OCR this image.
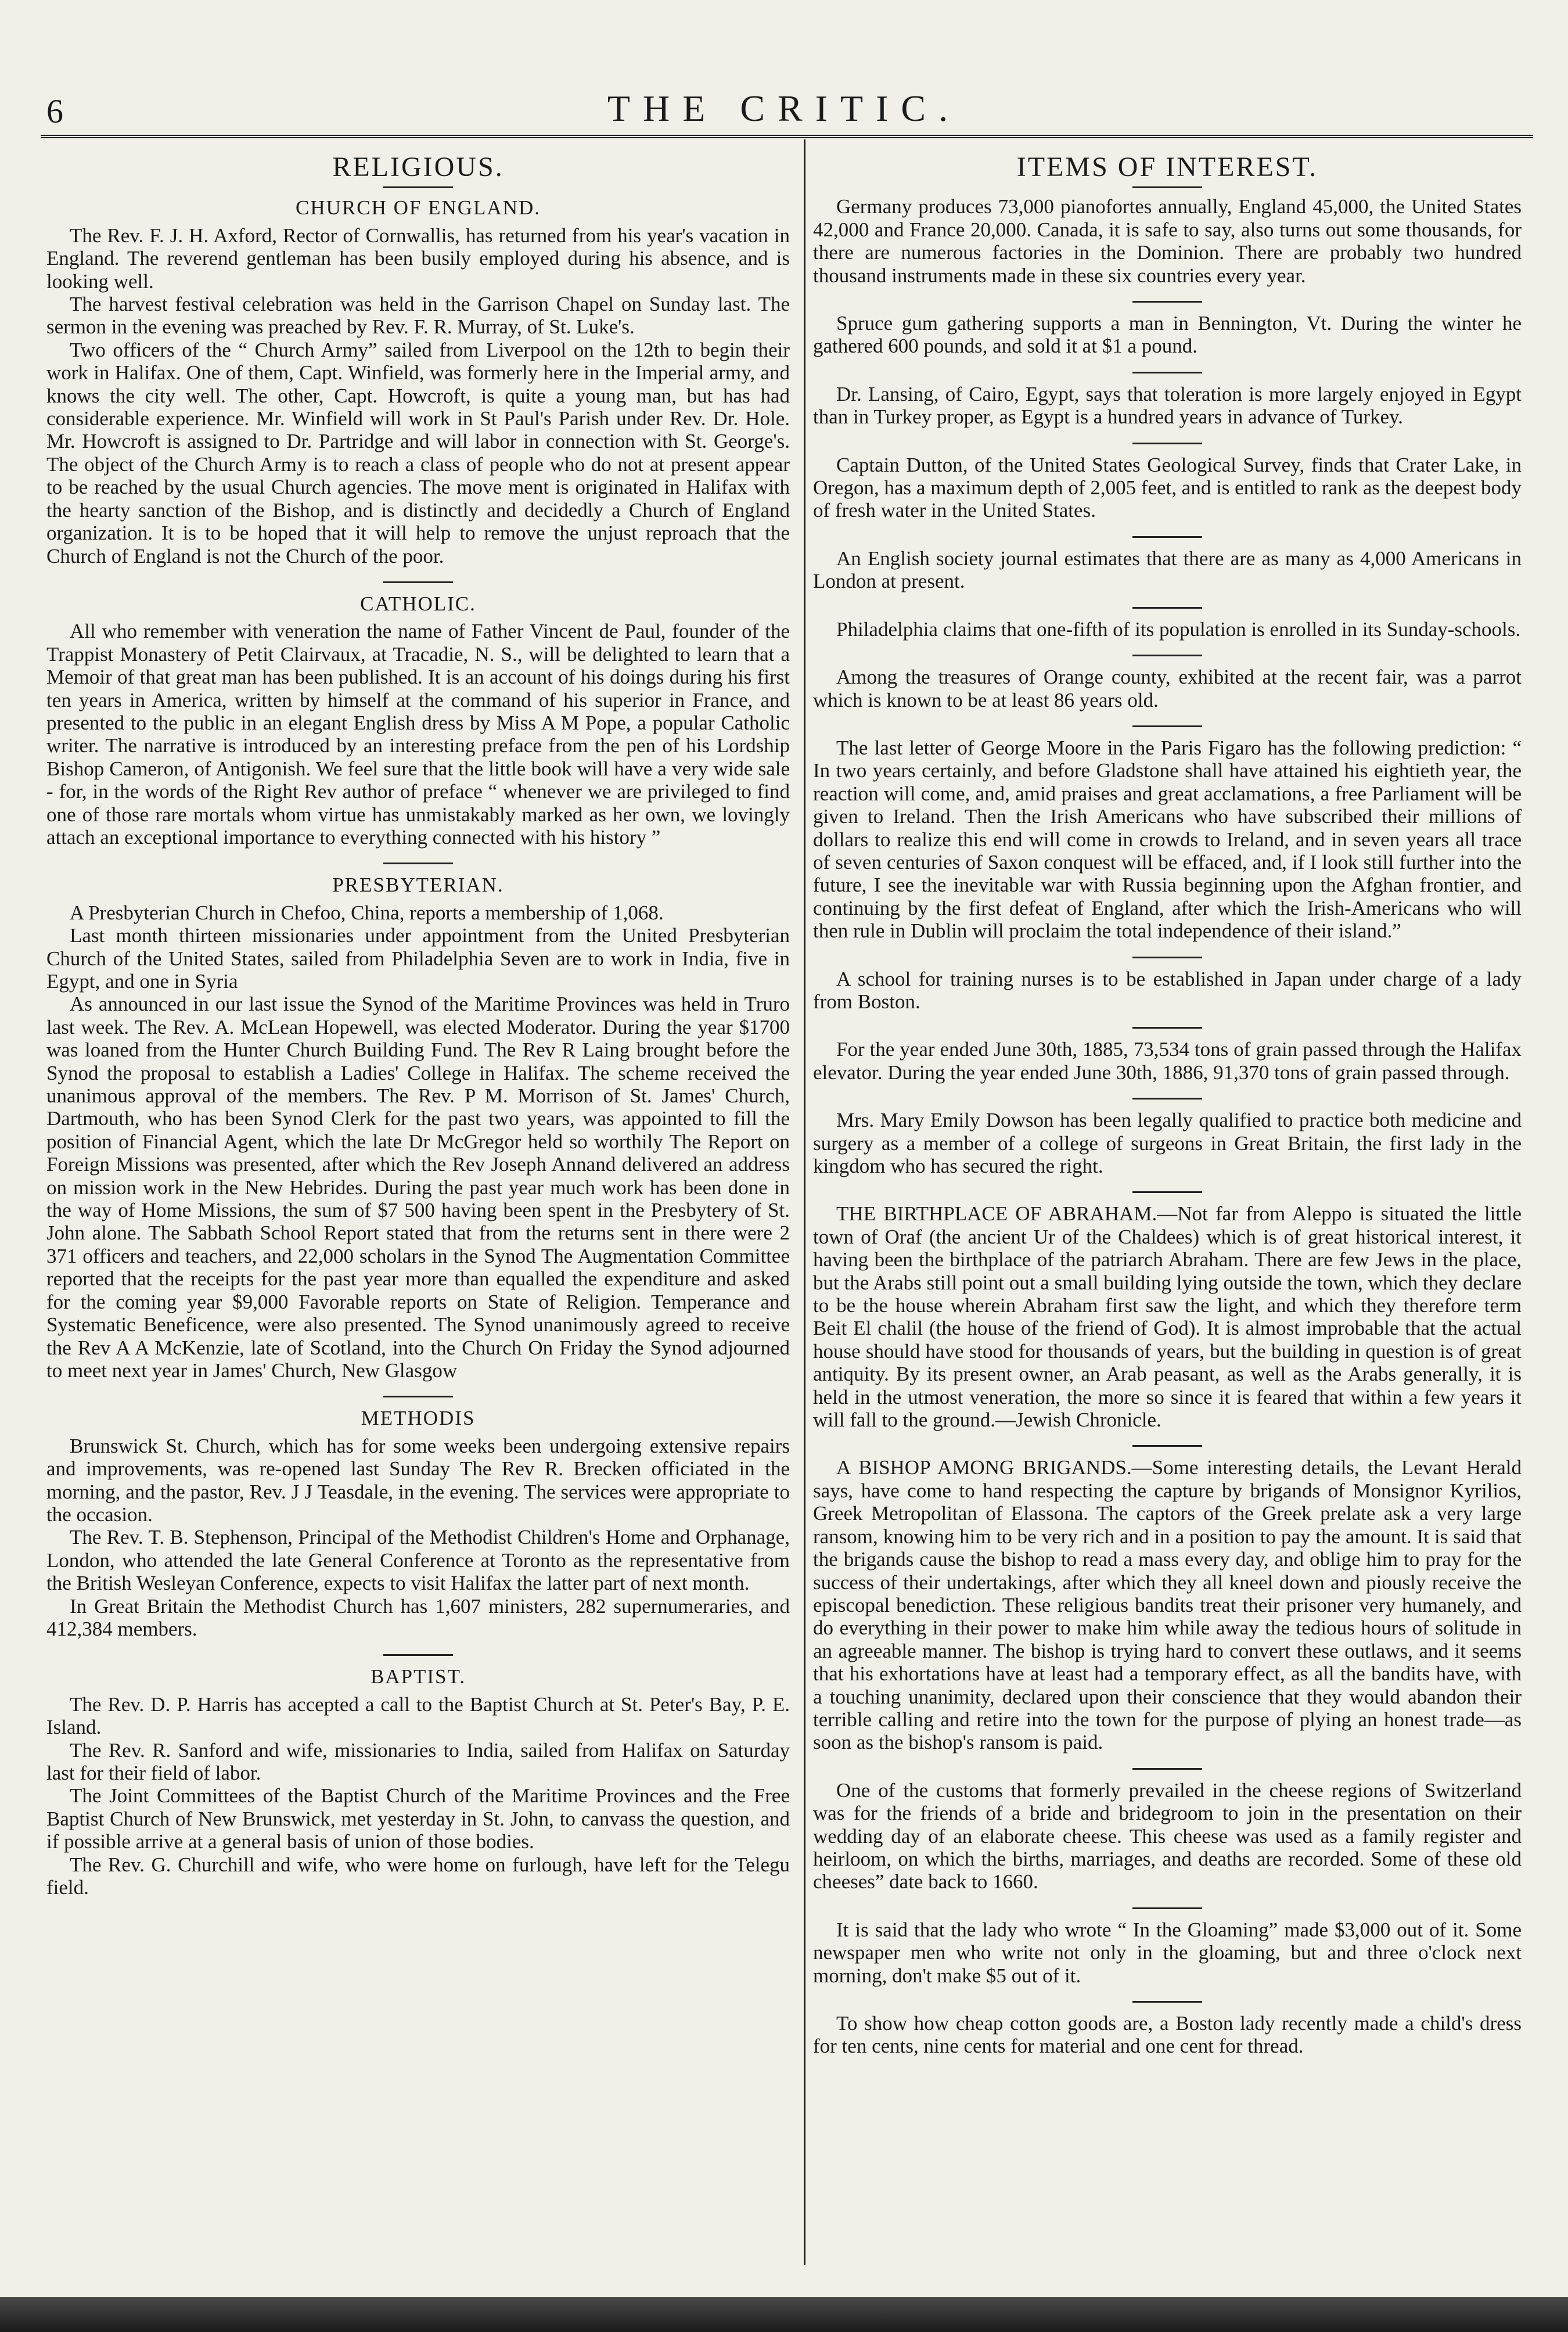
6	THE CRITIC.
RELIGIOUS.
CHURCH OF ENGLAND.

The Rev. F. J. H. Axford, Rector of Cornwallis, has returned from his year's vacation in England. The reverend gentleman has been busily employed during his absence, and is looking well.

The harvest festival celebration was held in the Garrison Chapel on Sunday last. The sermon in the evening was preached by Rev. F. R. Murray, of St. Luke's.

Two officers of the “ Church Army” sailed from Liverpool on the 12th to begin their work in Halifax. One of them, Capt. Winfield, was formerly here in the Imperial army, and knows the city well. The other, Capt. Howcroft, is quite a young man, but has had considerable experience. Mr. Winfield will work in St Paul's Parish under Rev. Dr. Hole. Mr. Howcroft is assigned to Dr. Partridge and will labor in connection with St. George's. The object of the Church Army is to reach a class of people who do not at present appear to be reached by the usual Church agencies. The move ment is originated in Halifax with the hearty sanction of the Bishop, and is distinctly and decidedly a Church of England organization. It is to be hoped that it will help to remove the unjust reproach that the Church of England is not the Church of the poor.

CATHOLIC.

All who remember with veneration the name of Father Vincent de Paul, founder of the Trappist Monastery of Petit Clairvaux, at Tracadie, N. S., will be delighted to learn that a Memoir of that great man has been published. It is an account of his doings during his first ten years in America, written by himself at the command of his superior in France, and presented to the public in an elegant English dress by Miss A M Pope, a popular Catholic writer. The narrative is introduced by an interesting preface from the pen of his Lordship Bishop Cameron, of Antigonish. We feel sure that the little book will have a very wide sale - for, in the words of the Right Rev author of preface “ whenever we are privileged to find one of those rare mortals whom virtue has unmistakably marked as her own, we lovingly attach an exceptional importance to everything connected with his history ”

PRESBYTERIAN.

A Presbyterian Church in Chefoo, China, reports a membership of 1,068.

Last month thirteen missionaries under appointment from the United Presbyterian Church of the United States, sailed from Philadelphia Seven are to work in India, five in Egypt, and one in Syria

As announced in our last issue the Synod of the Maritime Provinces was held in Truro last week. The Rev. A. McLean Hopewell, was elected Moderator. During the year $1700 was loaned from the Hunter Church Building Fund. The Rev R Laing brought before the Synod the proposal to establish a Ladies' College in Halifax. The scheme received the unanimous approval of the members. The Rev. P M. Morrison of St. James' Church, Dartmouth, who has been Synod Clerk for the past two years, was appointed to fill the position of Financial Agent, which the late Dr McGregor held so worthily The Report on Foreign Missions was presented, after which the Rev Joseph Annand delivered an address on mission work in the New Hebrides. During the past year much work has been done in the way of Home Missions, the sum of $7 500 having been spent in the Presbytery of St. John alone. The Sabbath School Report stated that from the returns sent in there were 2 371 officers and teachers, and 22,000 scholars in the Synod The Augmentation Committee reported that the receipts for the past year more than equalled the expenditure and asked for the coming year $9,000 Favorable reports on State of Religion. Temperance and Systematic Beneficence, were also presented. The Synod unanimously agreed to receive the Rev A A McKenzie, late of Scotland, into the Church On Friday the Synod adjourned to meet next year in James' Church, New Glasgow

METHODIS

Brunswick St. Church, which has for some weeks been undergoing extensive repairs and improvements, was re-opened last Sunday The Rev R. Brecken officiated in the morning, and the pastor, Rev. J J Teasdale, in the evening. The services were appropriate to the occasion.

The Rev. T. B. Stephenson, Principal of the Methodist Children's Home and Orphanage, London, who attended the late General Conference at Toronto as the representative from the British Wesleyan Conference, expects to visit Halifax the latter part of next month.

In Great Britain the Methodist Church has 1,607 ministers, 282 supernumeraries, and 412,384 members.

BAPTIST.

The Rev. D. P. Harris has accepted a call to the Baptist Church at St. Peter's Bay, P. E. Island.

The Rev. R. Sanford and wife, missionaries to India, sailed from Halifax on Saturday last for their field of labor.

The Joint Committees of the Baptist Church of the Maritime Provinces and the Free Baptist Church of New Brunswick, met yesterday in St. John, to canvass the question, and if possible arrive at a general basis of union of those bodies.

The Rev. G. Churchill and wife, who were home on furlough, have left for the Telegu field.

ITEMS OF INTEREST.

Germany produces 73,000 pianofortes annually, England 45,000, the United States 42,000 and France 20,000. Canada, it is safe to say, also turns out some thousands, for there are numerous factories in the Dominion. There are probably two hundred thousand instruments made in these six countries every year.

Spruce gum gathering supports a man in Bennington, Vt. During the winter he gathered 600 pounds, and sold it at $1 a pound.

Dr. Lansing, of Cairo, Egypt, says that toleration is more largely enjoyed in Egypt than in Turkey proper, as Egypt is a hundred years in advance of Turkey.

Captain Dutton, of the United States Geological Survey, finds that Crater Lake, in Oregon, has a maximum depth of 2,005 feet, and is entitled to rank as the deepest body of fresh water in the United States.

An English society journal estimates that there are as many as 4,000 Americans in London at present.

Philadelphia claims that one-fifth of its population is enrolled in its Sunday-schools.

Among the treasures of Orange county, exhibited at the recent fair, was a parrot which is known to be at least 86 years old.

The last letter of George Moore in the Paris Figaro has the following prediction: “ In two years certainly, and before Gladstone shall have attained his eightieth year, the reaction will come, and, amid praises and great acclamations, a free Parliament will be given to Ireland. Then the Irish Americans who have subscribed their millions of dollars to realize this end will come in crowds to Ireland, and in seven years all trace of seven centuries of Saxon conquest will be effaced, and, if I look still further into the future, I see the inevitable war with Russia beginning upon the Afghan frontier, and continuing by the first defeat of England, after which the Irish-Americans who will then rule in Dublin will proclaim the total independence of their island.”

A school for training nurses is to be established in Japan under charge of a lady from Boston.

For the year ended June 30th, 1885, 73,534 tons of grain passed through the Halifax elevator. During the year ended June 30th, 1886, 91,370 tons of grain passed through.

Mrs. Mary Emily Dowson has been legally qualified to practice both medicine and surgery as a member of a college of surgeons in Great Britain, the first lady in the kingdom who has secured the right.

THE BIRTHPLACE OF ABRAHAM.—Not far from Aleppo is situated the little town of Oraf (the ancient Ur of the Chaldees) which is of great historical interest, it having been the birthplace of the patriarch Abraham. There are few Jews in the place, but the Arabs still point out a small building lying outside the town, which they declare to be the house wherein Abraham first saw the light, and which they therefore term Beit El chalil (the house of the friend of God). It is almost improbable that the actual house should have stood for thousands of years, but the building in question is of great antiquity. By its present owner, an Arab peasant, as well as the Arabs generally, it is held in the utmost veneration, the more so since it is feared that within a few years it will fall to the ground.—Jewish Chronicle.

A BISHOP AMONG BRIGANDS.—Some interesting details, the Levant Herald says, have come to hand respecting the capture by brigands of Monsignor Kyrilios, Greek Metropolitan of Elassona. The captors of the Greek prelate ask a very large ransom, knowing him to be very rich and in a position to pay the amount. It is said that the brigands cause the bishop to read a mass every day, and oblige him to pray for the success of their undertakings, after which they all kneel down and piously receive the episcopal benediction. These religious bandits treat their prisoner very humanely, and do everything in their power to make him while away the tedious hours of solitude in an agreeable manner. The bishop is trying hard to convert these outlaws, and it seems that his exhortations have at least had a temporary effect, as all the bandits have, with a touching unanimity, declared upon their conscience that they would abandon their terrible calling and retire into the town for the purpose of plying an honest trade—as soon as the bishop's ransom is paid.

One of the customs that formerly prevailed in the cheese regions of Switzerland was for the friends of a bride and bridegroom to join in the presentation on their wedding day of an elaborate cheese. This cheese was used as a family register and heirloom, on which the births, marriages, and deaths are recorded. Some of these old cheeses” date back to 1660.

It is said that the lady who wrote “ In the Gloaming” made $3,000 out of it. Some newspaper men who write not only in the gloaming, but and three o'clock next morning, don't make $5 out of it.

To show how cheap cotton goods are, a Boston lady recently made a child's dress for ten cents, nine cents for material and one cent for thread.
